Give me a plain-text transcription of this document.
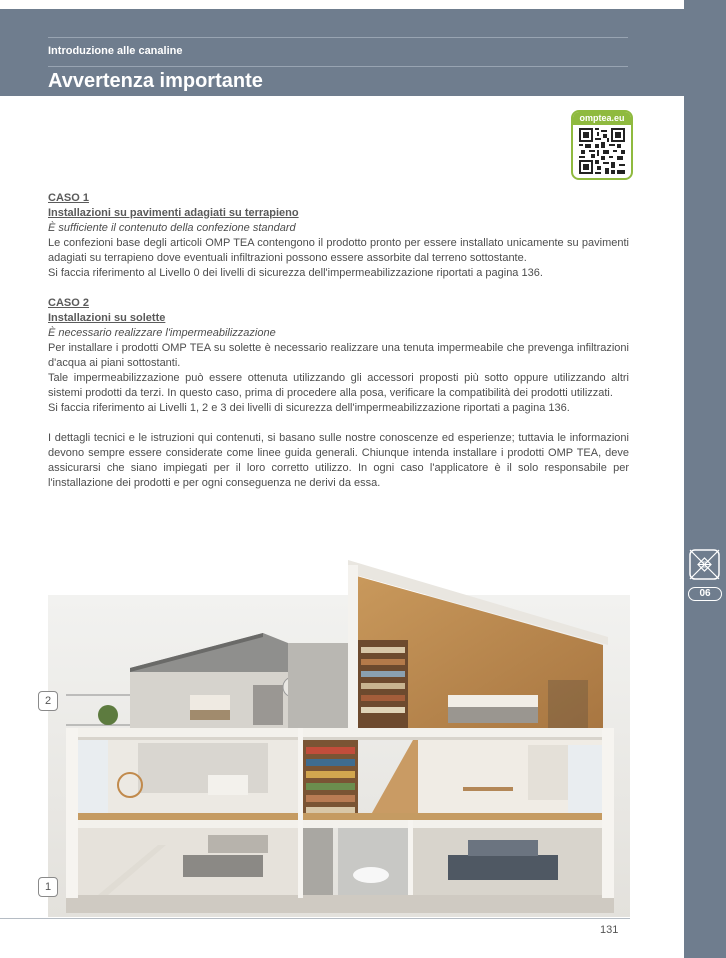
Introduzione alle canaline
Avvertenza importante
06
omptea.eu

CASO 1

Installazioni su pavimenti adagiati su terrapieno

È sufficiente il contenuto della confezione standard

Le confezioni base degli articoli OMP TEA contengono il prodotto pronto per essere installato unicamente su pavimenti adagiati su terrapieno dove eventuali infiltrazioni possono essere assorbite dal terreno sottostante.

Si faccia riferimento al Livello 0 dei livelli di sicurezza dell'impermeabilizzazione riportati a pagina 136.

CASO 2

Installazioni su solette

È necessario realizzare l'impermeabilizzazione

Per installare i prodotti OMP TEA su solette è necessario realizzare una tenuta impermeabile che prevenga infiltrazioni d'acqua ai piani sottostanti.

Tale impermeabilizzazione può essere ottenuta utilizzando gli accessori proposti più sotto oppure utilizzando altri sistemi prodotti da terzi. In questo caso, prima di procedere alla posa, verificare la compatibilità dei prodotti utilizzati.

Si faccia riferimento ai Livelli 1, 2 e 3 dei livelli di sicurezza dell'impermeabilizzazione riportati a pagina 136.

I dettagli tecnici e le istruzioni qui contenuti, si basano sulle nostre conoscenze ed esperienze; tuttavia le informazioni devono sempre essere considerate come linee guida generali. Chiunque intenda installare i prodotti OMP TEA, deve assicurarsi che siano impiegati per il loro corretto utilizzo. In ogni caso l'applicatore è il solo responsabile per l'installazione dei prodotti e per ogni conseguenza ne derivi da essa.

2
1
131
